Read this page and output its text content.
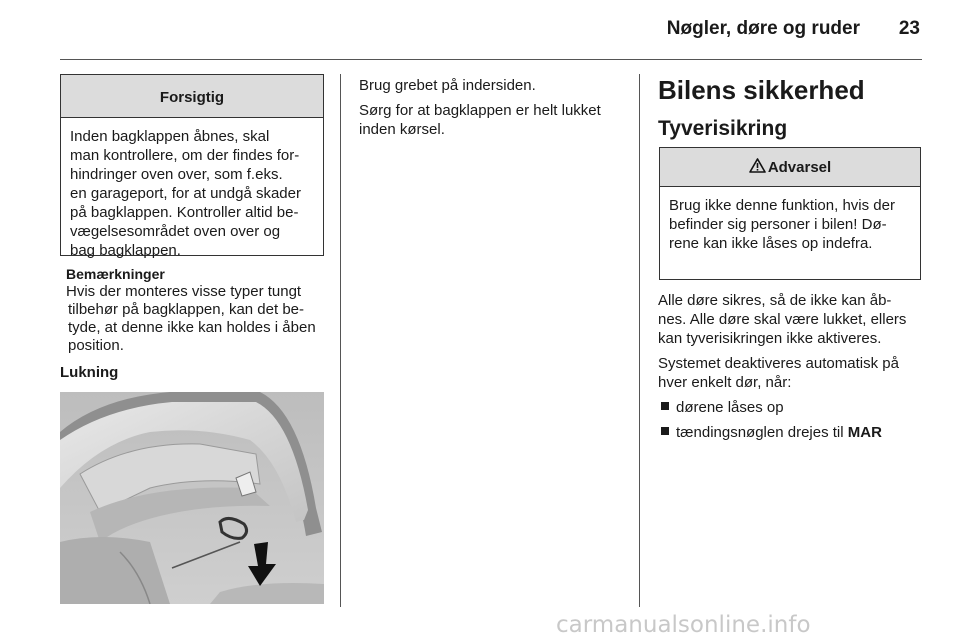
Nøgler, døre og ruder	23
Forsigtig
Inden bagklappen åbnes, skal
man kontrollere, om der findes for-
hindringer oven over, som f.eks.
en garageport, for at undgå skader
på bagklappen. Kontroller altid be-
vægelsesområdet oven over og
bag bagklappen.
Bemærkninger
Hvis der monteres visse typer tungt
tilbehør på bagklappen, kan det be-
tyde, at denne ikke kan holdes i åben
position.
Lukning

Brug grebet på indersiden.

Sørg for at bagklappen er helt lukket
inden kørsel.

Bilens sikkerhed
Tyverisikring
Advarsel
Brug ikke denne funktion, hvis der
befinder sig personer i bilen! Dø-
rene kan ikke låses op indefra.

Alle døre sikres, så de ikke kan åb-
nes. Alle døre skal være lukket, ellers
kan tyverisikringen ikke aktiveres.

Systemet deaktiveres automatisk på
hver enkelt dør, når:

dørene låses op
tændingsnøglen drejes til MAR
carmanualsonline.info
